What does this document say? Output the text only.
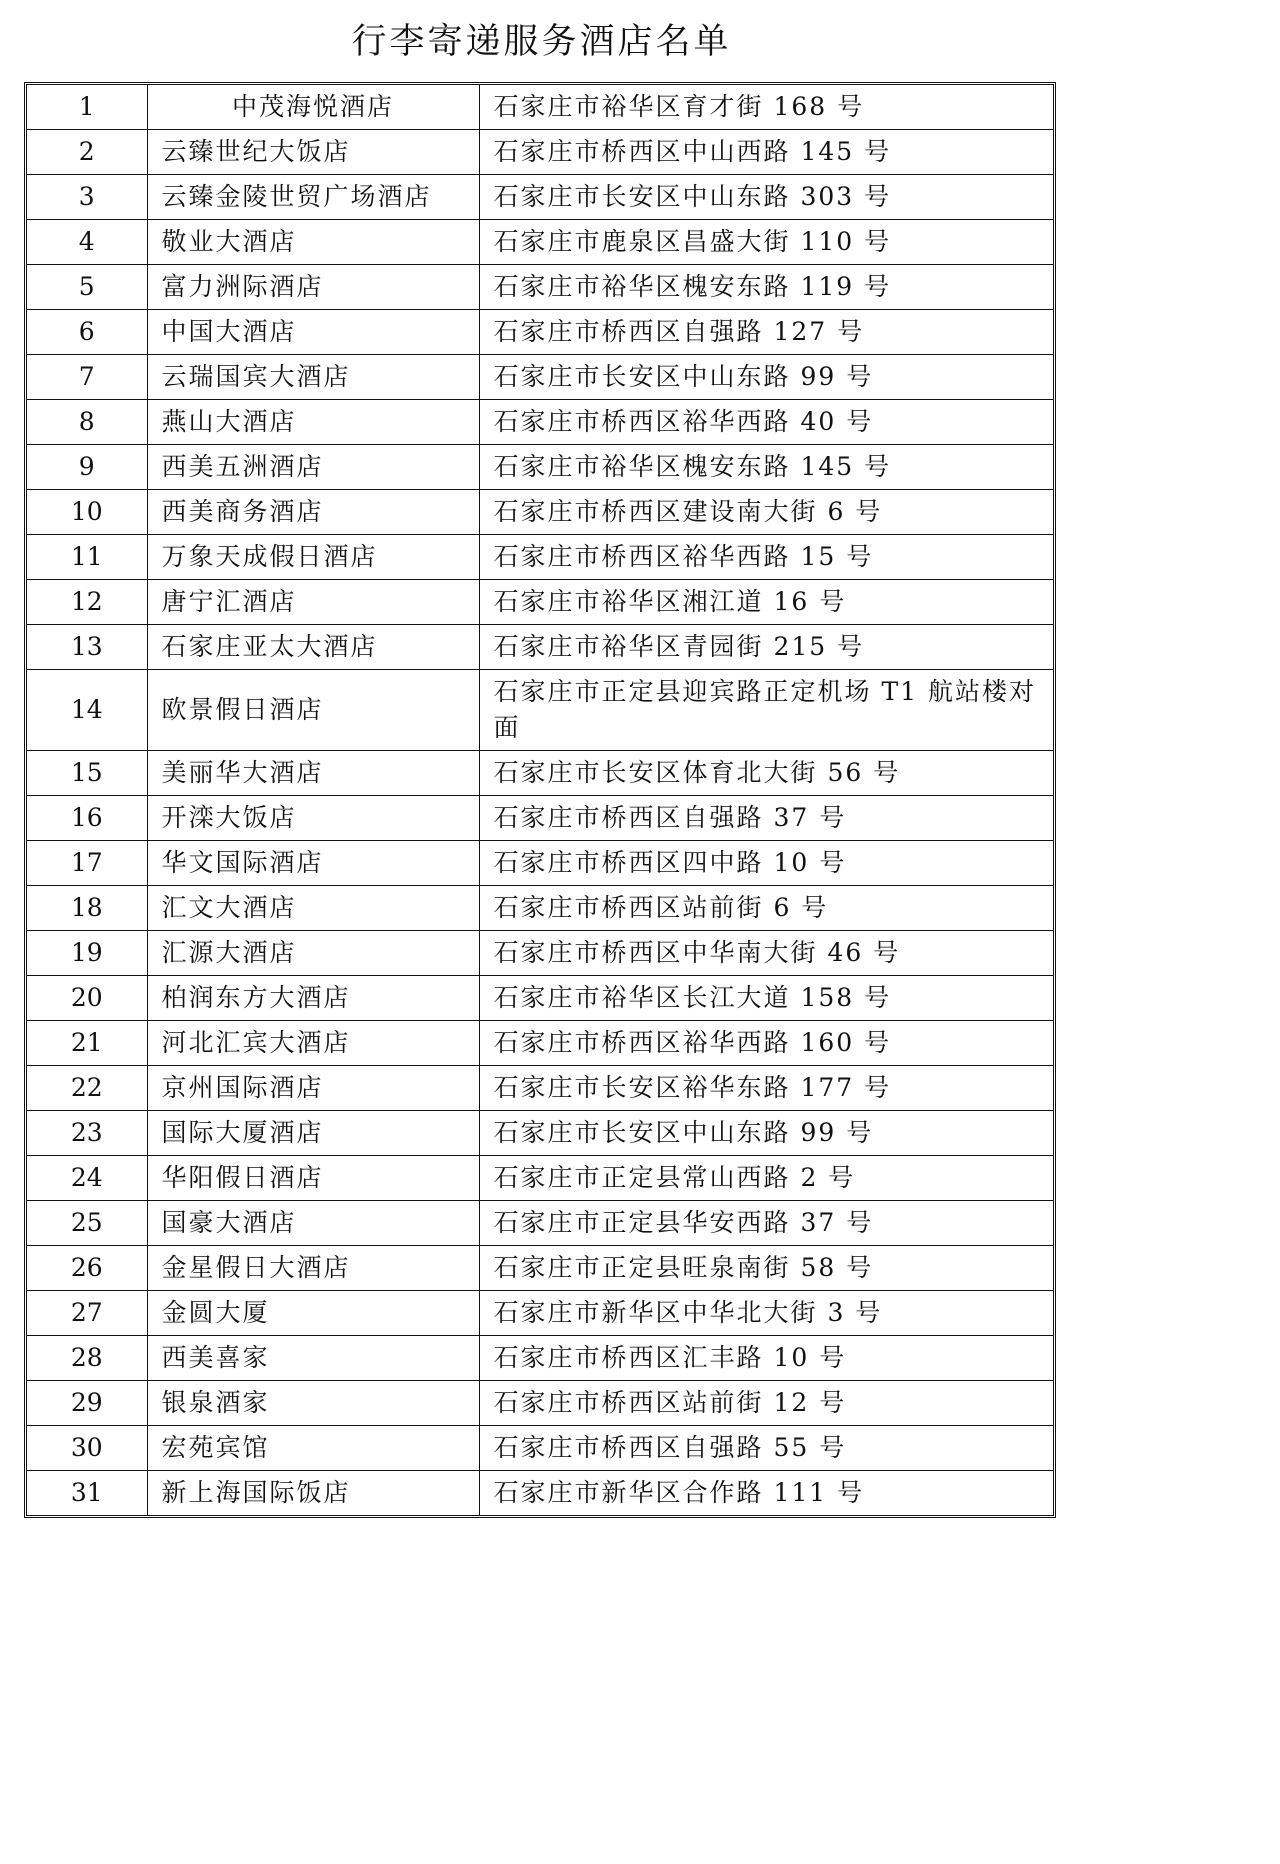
行李寄递服务酒店名单
1	中茂海悦酒店	石家庄市裕华区育才街 168 号
2	云臻世纪大饭店	石家庄市桥西区中山西路 145 号
3	云臻金陵世贸广场酒店	石家庄市长安区中山东路 303 号
4	敬业大酒店	石家庄市鹿泉区昌盛大街 110 号
5	富力洲际酒店	石家庄市裕华区槐安东路 119 号
6	中国大酒店	石家庄市桥西区自强路 127 号
7	云瑞国宾大酒店	石家庄市长安区中山东路 99 号
8	燕山大酒店	石家庄市桥西区裕华西路 40 号
9	西美五洲酒店	石家庄市裕华区槐安东路 145 号
10	西美商务酒店	石家庄市桥西区建设南大街 6 号
11	万象天成假日酒店	石家庄市桥西区裕华西路 15 号
12	唐宁汇酒店	石家庄市裕华区湘江道 16 号
13	石家庄亚太大酒店	石家庄市裕华区青园街 215 号
14	欧景假日酒店	石家庄市正定县迎宾路正定机场 T1 航站楼对面
15	美丽华大酒店	石家庄市长安区体育北大街 56 号
16	开滦大饭店	石家庄市桥西区自强路 37 号
17	华文国际酒店	石家庄市桥西区四中路 10 号
18	汇文大酒店	石家庄市桥西区站前街 6 号
19	汇源大酒店	石家庄市桥西区中华南大街 46 号
20	柏润东方大酒店	石家庄市裕华区长江大道 158 号
21	河北汇宾大酒店	石家庄市桥西区裕华西路 160 号
22	京州国际酒店	石家庄市长安区裕华东路 177 号
23	国际大厦酒店	石家庄市长安区中山东路 99 号
24	华阳假日酒店	石家庄市正定县常山西路 2 号
25	国豪大酒店	石家庄市正定县华安西路 37 号
26	金星假日大酒店	石家庄市正定县旺泉南街 58 号
27	金圆大厦	石家庄市新华区中华北大街 3 号
28	西美喜家	石家庄市桥西区汇丰路 10 号
29	银泉酒家	石家庄市桥西区站前街 12 号
30	宏苑宾馆	石家庄市桥西区自强路 55 号
31	新上海国际饭店	石家庄市新华区合作路 111 号
